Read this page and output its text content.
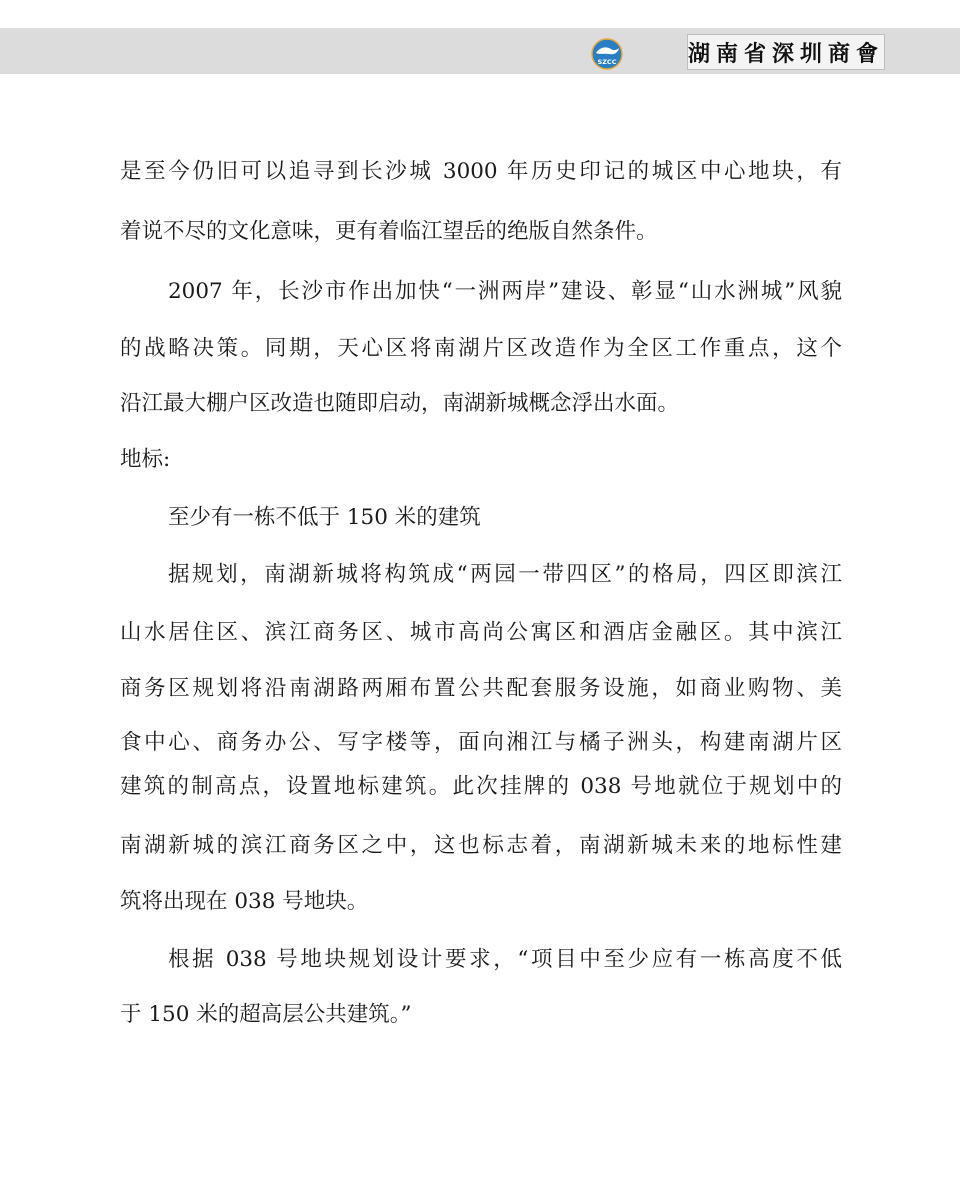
SZCC	湖南省深圳商會
是至今仍旧可以追寻到长沙城 3000 年历史印记的城区中心地块，有
着说不尽的文化意味，更有着临江望岳的绝版自然条件。
2007 年，长沙市作出加快“一洲两岸”建设、彰显“山水洲城”风貌
的战略决策。同期，天心区将南湖片区改造作为全区工作重点，这个
沿江最大棚户区改造也随即启动，南湖新城概念浮出水面。
地标:
至少有一栋不低于 150 米的建筑
据规划，南湖新城将构筑成“两园一带四区”的格局，四区即滨江
山水居住区、滨江商务区、城市高尚公寓区和酒店金融区。其中滨江
商务区规划将沿南湖路两厢布置公共配套服务设施，如商业购物、美
食中心、商务办公、写字楼等，面向湘江与橘子洲头，构建南湖片区
建筑的制高点，设置地标建筑。此次挂牌的 038 号地就位于规划中的
南湖新城的滨江商务区之中，这也标志着，南湖新城未来的地标性建
筑将出现在 038 号地块。
根据 038 号地块规划设计要求，“项目中至少应有一栋高度不低
于 150 米的超高层公共建筑。”
